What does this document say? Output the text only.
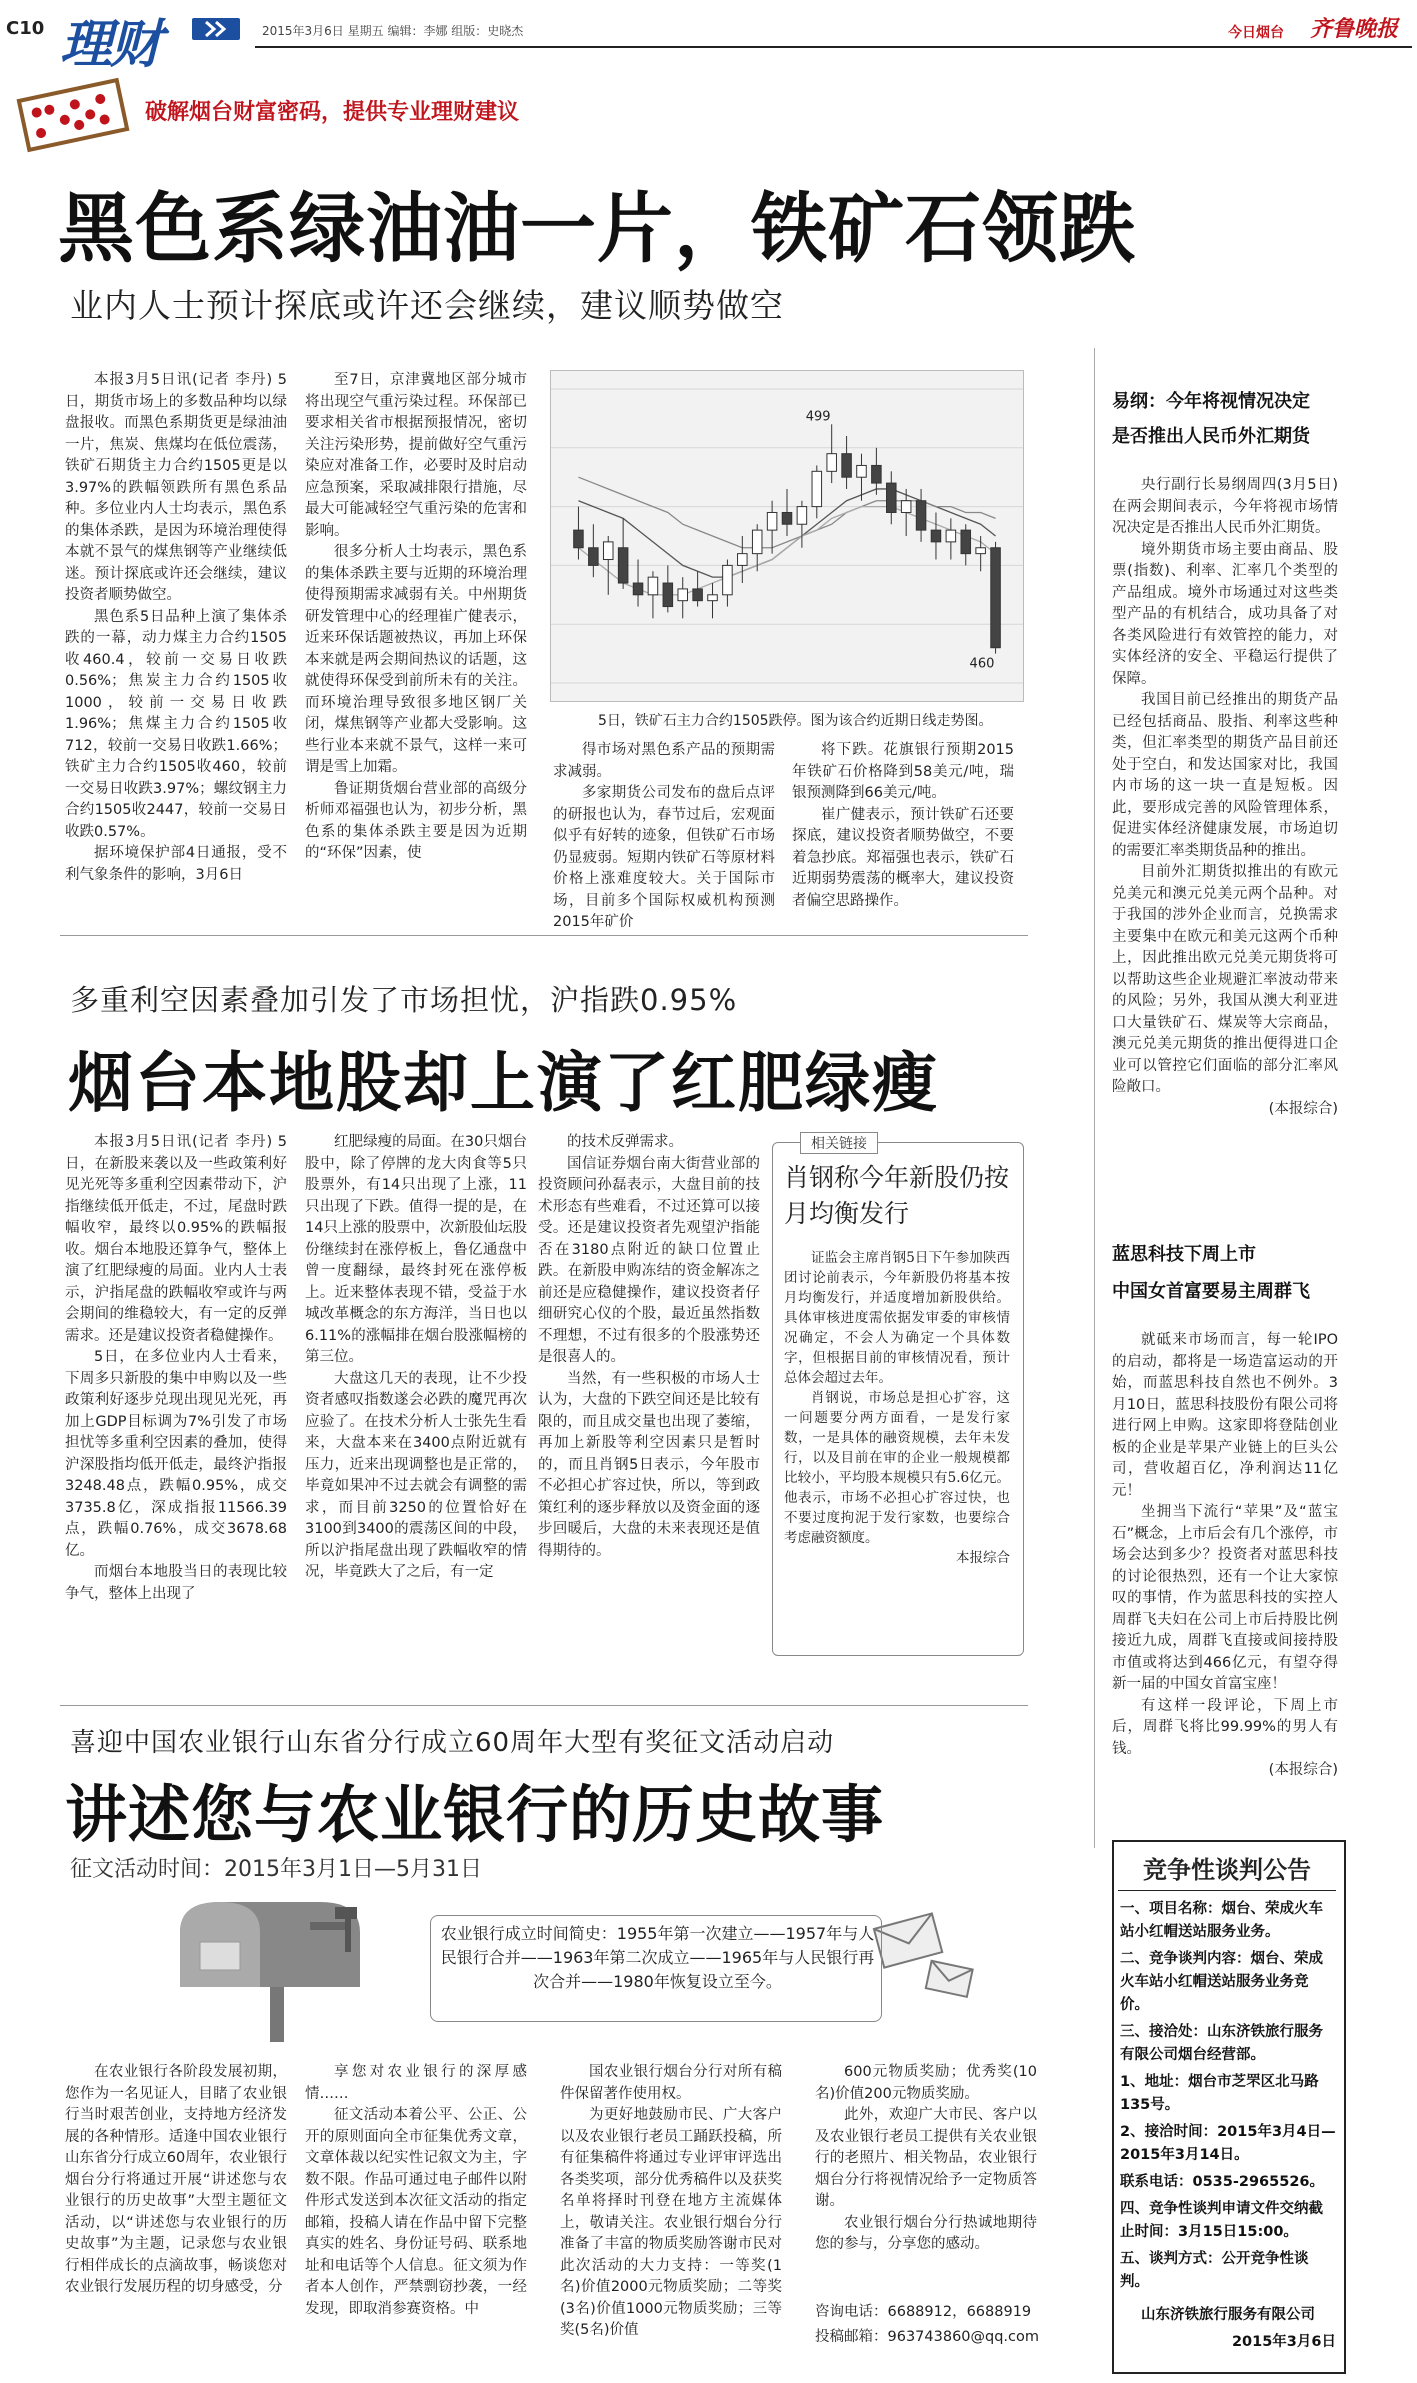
C10 理财	2015年3月6日 星期五 编辑：李娜 组版：史晓杰	今日烟台 齐鲁晚报
破解烟台财富密码，提供专业理财建议
黑色系绿油油一片，铁矿石领跌
业内人士预计探底或许还会继续，建议顺势做空

本报3月5日讯(记者 李丹) 5日，期货市场上的多数品种均以绿盘报收。而黑色系期货更是绿油油一片，焦炭、焦煤均在低位震荡，铁矿石期货主力合约1505更是以3.97%的跌幅领跌所有黑色系品种。多位业内人士均表示，黑色系的集体杀跌，是因为环境治理使得本就不景气的煤焦钢等产业继续低迷。预计探底或许还会继续，建议投资者顺势做空。

黑色系5日品种上演了集体杀跌的一幕，动力煤主力合约1505收460.4，较前一交易日收跌0.56%；焦炭主力合约1505收1000，较前一交易日收跌1.96%；焦煤主力合约1505收712，较前一交易日收跌1.66%；铁矿主力合约1505收460，较前一交易日收跌3.97%；螺纹钢主力合约1505收2447，较前一交易日收跌0.57%。

据环境保护部4日通报，受不利气象条件的影响，3月6日

至7日，京津冀地区部分城市将出现空气重污染过程。环保部已要求相关省市根据预报情况，密切关注污染形势，提前做好空气重污染应对准备工作，必要时及时启动应急预案，采取减排限行措施，尽最大可能减轻空气重污染的危害和影响。

很多分析人士均表示，黑色系的集体杀跌主要与近期的环境治理使得预期需求减弱有关。中州期货研发管理中心的经理崔广健表示，近来环保话题被热议，再加上环保本来就是两会期间热议的话题，这就使得环保受到前所未有的关注。而环境治理导致很多地区钢厂关闭，煤焦钢等产业都大受影响。这些行业本来就不景气，这样一来可谓是雪上加霜。

鲁证期货烟台营业部的高级分析师邓福强也认为，初步分析，黑色系的集体杀跌主要是因为近期的“环保”因素，使

499
460
5日，铁矿石主力合约1505跌停。图为该合约近期日线走势图。

得市场对黑色系产品的预期需求减弱。

多家期货公司发布的盘后点评的研报也认为，春节过后，宏观面似乎有好转的迹象，但铁矿石市场仍显疲弱。短期内铁矿石等原材料价格上涨难度较大。关于国际市场，目前多个国际权威机构预测2015年矿价

将下跌。花旗银行预期2015年铁矿石价格降到58美元/吨，瑞银预测降到66美元/吨。

崔广健表示，预计铁矿石还要探底，建议投资者顺势做空，不要着急抄底。郑福强也表示，铁矿石近期弱势震荡的概率大，建议投资者偏空思路操作。

多重利空因素叠加引发了市场担忧，沪指跌0.95%
烟台本地股却上演了红肥绿瘦

本报3月5日讯(记者 李丹) 5日，在新股来袭以及一些政策利好见光死等多重利空因素带动下，沪指继续低开低走，不过，尾盘时跌幅收窄，最终以0.95%的跌幅报收。烟台本地股还算争气，整体上演了红肥绿瘦的局面。业内人士表示，沪指尾盘的跌幅收窄或许与两会期间的维稳较大，有一定的反弹需求。还是建议投资者稳健操作。

5日，在多位业内人士看来，下周多只新股的集中申购以及一些政策利好逐步兑现出现见光死，再加上GDP目标调为7%引发了市场担忧等多重利空因素的叠加，使得沪深股指均低开低走，最终沪指报3248.48点，跌幅0.95%，成交3735.8亿，深成指报11566.39点，跌幅0.76%，成交3678.68亿。

而烟台本地股当日的表现比较争气，整体上出现了

红肥绿瘦的局面。在30只烟台股中，除了停牌的龙大肉食等5只股票外，有14只出现了上涨，11只出现了下跌。值得一提的是，在14只上涨的股票中，次新股仙坛股份继续封在涨停板上，鲁亿通盘中曾一度翻绿，最终封死在涨停板上。近来整体表现不错，受益于水城改革概念的东方海洋，当日也以6.11%的涨幅排在烟台股涨幅榜的第三位。

大盘这几天的表现，让不少投资者感叹指数遂会必跌的魔咒再次应验了。在技术分析人士张先生看来，大盘本来在3400点附近就有压力，近来出现调整也是正常的，毕竟如果冲不过去就会有调整的需求，而目前3250的位置恰好在3100到3400的震荡区间的中段，所以沪指尾盘出现了跌幅收窄的情况，毕竟跌大了之后，有一定

的技术反弹需求。

国信证券烟台南大街营业部的投资顾问孙磊表示，大盘目前的技术形态有些难看，不过还算可以接受。还是建议投资者先观望沪指能否在3180点附近的缺口位置止跌。在新股申购冻结的资金解冻之前还是应稳健操作，建议投资者仔细研究心仪的个股，最近虽然指数不理想，不过有很多的个股涨势还是很喜人的。

当然，有一些积极的市场人士认为，大盘的下跌空间还是比较有限的，而且成交量也出现了萎缩，再加上新股等利空因素只是暂时的，而且肖钢5日表示，今年股市不必担心扩容过快，所以，等到政策红利的逐步释放以及资金面的逐步回暖后，大盘的未来表现还是值得期待的。

相关链接
肖钢称今年新股仍按月均衡发行

证监会主席肖钢5日下午参加陕西团讨论前表示，今年新股仍将基本按月均衡发行，并适度增加新股供给。具体审核进度需依据发审委的审核情况确定，不会人为确定一个具体数字，但根据目前的审核情况看，预计总体会超过去年。

肖钢说，市场总是担心扩容，这一问题要分两方面看，一是发行家数，一是具体的融资规模，去年未发行，以及目前在审的企业一般规模都比较小，平均股本规模只有5.6亿元。他表示，市场不必担心扩容过快，也不要过度拘泥于发行家数，也要综合考虑融资额度。

本报综合

易纲：今年将视情况决定
是否推出人民币外汇期货

央行副行长易纲周四(3月5日)在两会期间表示，今年将视市场情况决定是否推出人民币外汇期货。

境外期货市场主要由商品、股票(指数)、利率、汇率几个类型的产品组成。境外市场通过对这些类型产品的有机结合，成功具备了对各类风险进行有效管控的能力，对实体经济的安全、平稳运行提供了保障。

我国目前已经推出的期货产品已经包括商品、股指、利率这些种类，但汇率类型的期货产品目前还处于空白，和发达国家对比，我国内市场的这一块一直是短板。因此，要形成完善的风险管理体系，促进实体经济健康发展，市场迫切的需要汇率类期货品种的推出。

目前外汇期货拟推出的有欧元兑美元和澳元兑美元两个品种。对于我国的涉外企业而言，兑换需求主要集中在欧元和美元这两个币种上，因此推出欧元兑美元期货将可以帮助这些企业规避汇率波动带来的风险；另外，我国从澳大利亚进口大量铁矿石、煤炭等大宗商品，澳元兑美元期货的推出便得进口企业可以管控它们面临的部分汇率风险敞口。

(本报综合)

蓝思科技下周上市
中国女首富要易主周群飞

就砥来市场而言，每一轮IPO的启动，都将是一场造富运动的开始，而蓝思科技自然也不例外。3月10日，蓝思科技股份有限公司将进行网上申购。这家即将登陆创业板的企业是苹果产业链上的巨头公司，营收超百亿，净利润达11亿元！

坐拥当下流行“苹果”及“蓝宝石”概念，上市后会有几个涨停，市场会达到多少？投资者对蓝思科技的讨论很热烈，还有一个让大家惊叹的事情，作为蓝思科技的实控人周群飞夫妇在公司上市后持股比例接近九成，周群飞直接或间接持股市值或将达到466亿元，有望夺得新一届的中国女首富宝座！

有这样一段评论，下周上市后，周群飞将比99.99%的男人有钱。

(本报综合)

喜迎中国农业银行山东省分行成立60周年大型有奖征文活动启动
讲述您与农业银行的历史故事
征文活动时间：2015年3月1日—5月31日
农业银行成立时间简史：1955年第一次建立——1957年与人民银行合并——1963年第二次成立——1965年与人民银行再次合并——1980年恢复设立至今。

在农业银行各阶段发展初期，您作为一名见证人，目睹了农业银行当时艰苦创业，支持地方经济发展的各种情形。适逢中国农业银行山东省分行成立60周年，农业银行烟台分行将通过开展“讲述您与农业银行的历史故事”大型主题征文活动，以“讲述您与农业银行的历史故事”为主题，记录您与农业银行相伴成长的点滴故事，畅谈您对农业银行发展历程的切身感受，分

享您对农业银行的深厚感情……

征文活动本着公平、公正、公开的原则面向全市征集优秀文章，文章体裁以纪实性记叙文为主，字数不限。作品可通过电子邮件以附件形式发送到本次征文活动的指定邮箱，投稿人请在作品中留下完整真实的姓名、身份证号码、联系地址和电话等个人信息。征文须为作者本人创作，严禁剽窃抄袭，一经发现，即取消参赛资格。中

国农业银行烟台分行对所有稿件保留著作使用权。

为更好地鼓励市民、广大客户以及农业银行老员工踊跃投稿，所有征集稿件将通过专业评审评选出各类奖项，部分优秀稿件以及获奖名单将择时刊登在地方主流媒体上，敬请关注。农业银行烟台分行准备了丰富的物质奖励答谢市民对此次活动的大力支持：一等奖(1名)价值2000元物质奖励；二等奖(3名)价值1000元物质奖励；三等奖(5名)价值

600元物质奖励；优秀奖(10名)价值200元物质奖励。

此外，欢迎广大市民、客户以及农业银行老员工提供有关农业银行的老照片、相关物品，农业银行烟台分行将视情况给予一定物质答谢。

农业银行烟台分行热诚地期待您的参与，分享您的感动。

咨询电话：6688912，6688919
投稿邮箱：963743860@qq.com
竞争性谈判公告

一、项目名称：烟台、荣成火车站小红帽送站服务业务。

二、竞争谈判内容：烟台、荣成火车站小红帽送站服务业务竞价。

三、接洽处：山东济铁旅行服务有限公司烟台经营部。

1、地址：烟台市芝罘区北马路135号。

2、接洽时间：2015年3月4日—2015年3月14日。

联系电话：0535-2965526。

四、竞争性谈判申请文件交纳截止时间：3月15日15:00。

五、谈判方式：公开竞争性谈判。

山东济铁旅行服务有限公司

2015年3月6日
